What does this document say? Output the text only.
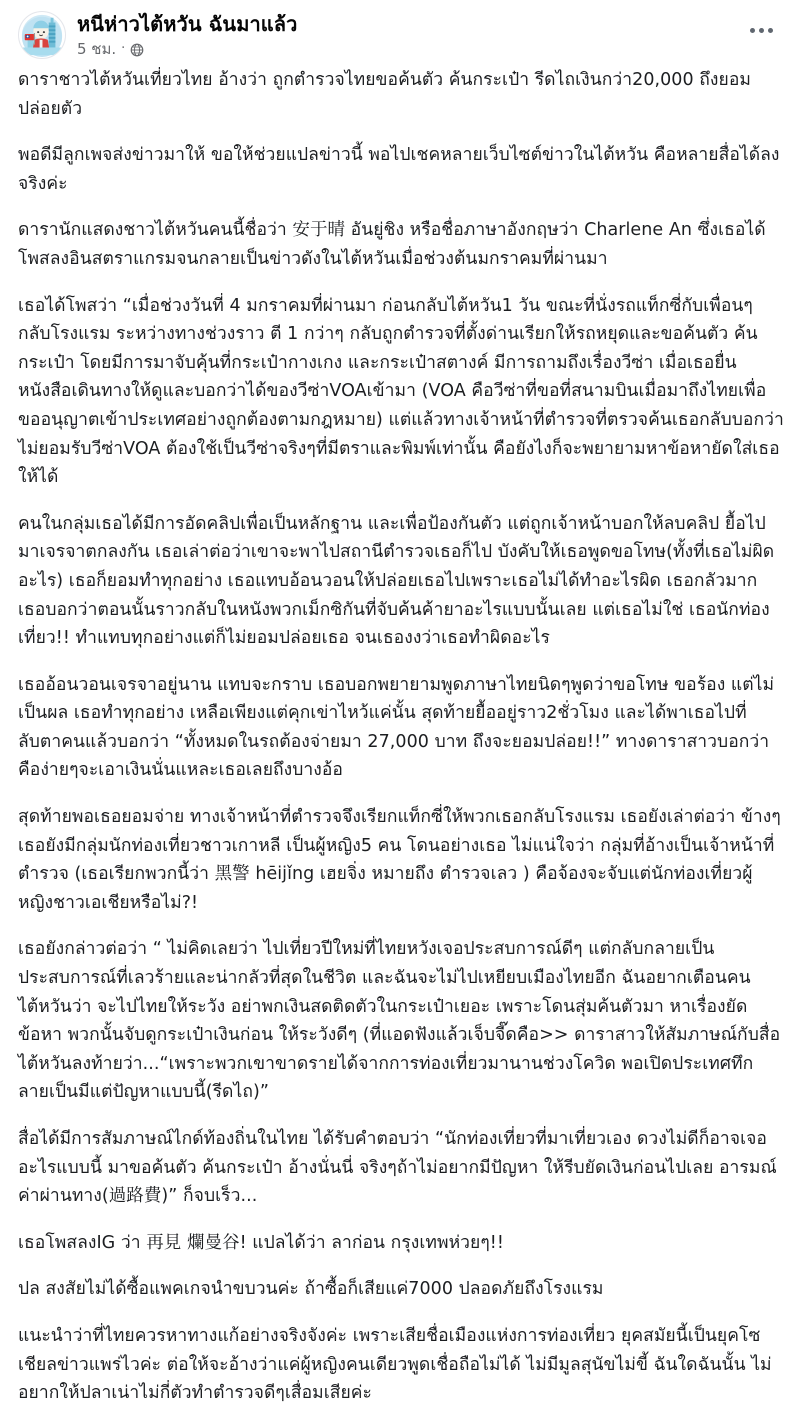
หนีห่าวไต้หวัน ฉันมาแล้ว
5 ชม. ·

ดาราชาวไต้หวันเที่ยวไทย อ้างว่า ถูกตำรวจไทยขอค้นตัว ค้นกระเป๋า รีดไถเงินกว่า20,000 ถึงยอมปล่อยตัว

พอดีมีลูกเพจส่งข่าวมาให้ ขอให้ช่วยแปลข่าวนี้ พอไปเชคหลายเว็บไซต์ข่าวในไต้หวัน คือหลายสื่อได้ลงจริงค่ะ

ดารานักแสดงชาวไต้หวันคนนี้ชื่อว่า 安于晴 อันยู่ชิง หรือชื่อภาษาอังกฤษว่า Charlene An ซึ่งเธอได้โพสลงอินสตราแกรมจนกลายเป็นข่าวดังในไต้หวันเมื่อช่วงต้นมกราคมที่ผ่านมา

เธอได้โพสว่า “เมื่อช่วงวันที่ 4 มกราคมที่ผ่านมา ก่อนกลับไต้หวัน1 วัน ขณะที่นั่งรถแท็กซี่กับเพื่อนๆกลับโรงแรม ระหว่างทางช่วงราว ตี 1 กว่าๆ กลับถูกตำรวจที่ตั้งด่านเรียกให้รถหยุดและขอค้นตัว ค้นกระเป๋า โดยมีการมาจับคุ้นที่กระเป๋ากางเกง และกระเป๋าสตางค์ มีการถามถึงเรื่องวีซ่า เมื่อเธอยื่นหนังสือเดินทางให้ดูและบอกว่าได้ของวีซ่าVOAเข้ามา (VOA คือวีซ่าที่ขอที่สนามบินเมื่อมาถึงไทยเพื่อขออนุญาตเข้าประเทศอย่างถูกต้องตามกฎหมาย) แต่แล้วทางเจ้าหน้าที่ตำรวจที่ตรวจค้นเธอกลับบอกว่า ไม่ยอมรับวีซ่าVOA ต้องใช้เป็นวีซ่าจริงๆที่มีตราและพิมพ์เท่านั้น คือยังไงก็จะพยายามหาข้อหายัดใส่เธอให้ได้

คนในกลุ่มเธอได้มีการอัดคลิปเพื่อเป็นหลักฐาน และเพื่อป้องกันตัว แต่ถูกเจ้าหน้าบอกให้ลบคลิป ยื้อไปมาเจรจาตกลงกัน เธอเล่าต่อว่าเขาจะพาไปสถานีตำรวจเธอก็ไป บังคับให้เธอพูดขอโทษ(ทั้งที่เธอไม่ผิดอะไร) เธอก็ยอมทำทุกอย่าง เธอแทบอ้อนวอนให้ปล่อยเธอไปเพราะเธอไม่ได้ทำอะไรผิด เธอกลัวมาก เธอบอกว่าตอนนั้นราวกลับในหนังพวกเม็กซิกันที่จับค้นค้ายาอะไรแบบนั้นเลย แต่เธอไม่ใช่ เธอนักท่องเที่ยว!! ทำแทบทุกอย่างแต่ก็ไม่ยอมปล่อยเธอ จนเธองงว่าเธอทำผิดอะไร

เธออ้อนวอนเจรจาอยู่นาน แทบจะกราบ เธอบอกพยายามพูดภาษาไทยนิดๆพูดว่าขอโทษ ขอร้อง แต่ไม่เป็นผล เธอทำทุกอย่าง เหลือเพียงแต่คุกเข่าไหว้แค่นั้น สุดท้ายยื้ออยู่ราว2ชั่วโมง และได้พาเธอไปที่ลับตาคนแล้วบอกว่า “ทั้งหมดในรถต้องจ่ายมา 27,000 บาท ถึงจะยอมปล่อย!!” ทางดาราสาวบอกว่า คือง่ายๆจะเอาเงินนั่นแหละเธอเลยถึงบางอ้อ

สุดท้ายพอเธอยอมจ่าย ทางเจ้าหน้าที่ตำรวจจึงเรียกแท็กซี่ให้พวกเธอกลับโรงแรม เธอยังเล่าต่อว่า ข้างๆเธอยังมีกลุ่มนักท่องเที่ยวชาวเกาหลี เป็นผู้หญิง5 คน โดนอย่างเธอ ไม่แน่ใจว่า กลุ่มที่อ้างเป็นเจ้าหน้าที่ตำรวจ (เธอเรียกพวกนี้ว่า 黑警 hēijǐng เฮยจิ่ง หมายถึง ตำรวจเลว ) คือจ้องจะจับแต่นักท่องเที่ยวผู้หญิงชาวเอเชียหรือไม่?!

เธอยังกล่าวต่อว่า “ ไม่คิดเลยว่า ไปเที่ยวปีใหม่ที่ไทยหวังเจอประสบการณ์ดีๆ แต่กลับกลายเป็นประสบการณ์ที่เลวร้ายและน่ากลัวที่สุดในชีวิต และฉันจะไม่ไปเหยียบเมืองไทยอีก ฉันอยากเตือนคนไต้หวันว่า จะไปไทยให้ระวัง อย่าพกเงินสดติดตัวในกระเป๋าเยอะ เพราะโดนสุ่มค้นตัวมา หาเรื่องยัดข้อหา พวกนั้นจับดูกระเป๋าเงินก่อน ให้ระวังดีๆ (ที่แอดฟังแล้วเจ็บจี๊ดคือ>> ดาราสาวให้สัมภาษณ์กับสื่อไต้หวันลงท้ายว่า...“เพราะพวกเขาขาดรายได้จากการท่องเที่ยวมานานช่วงโควิด พอเปิดประเทศทึกลายเป็นมีแต่ปัญหาแบบนี้(รีดไถ)”

สื่อได้มีการสัมภาษณ์ไกด์ท้องถิ่นในไทย ได้รับคำตอบว่า “นักท่องเที่ยวที่มาเที่ยวเอง ดวงไม่ดีก็อาจเจออะไรแบบนี้ มาขอค้นตัว ค้นกระเป๋า อ้างนั่นนี่ จริงๆถ้าไม่อยากมีปัญหา ให้รีบยัดเงินก่อนไปเลย อารมณ์ค่าผ่านทาง(過路費)” ก็จบเร็ว...

เธอโพสลงIG ว่า 再見 爛曼谷! แปลได้ว่า ลาก่อน กรุงเทพห่วยๆ!!

ปล สงสัยไม่ได้ซื้อแพคเกจนำขบวนค่ะ ถ้าซื้อก็เสียแค่7000 ปลอดภัยถึงโรงแรม

แนะนำว่าที่ไทยควรหาทางแก้อย่างจริงจังค่ะ เพราะเสียชื่อเมืองแห่งการท่องเที่ยว ยุคสมัยนี้เป็นยุคโซเชียลข่าวแพร่ไวค่ะ ต่อให้จะอ้างว่าแค่ผู้หญิงคนเดียวพูดเชื่อถือไม่ได้ ไม่มีมูลสุนัขไม่ขี้ ฉันใดฉันนั้น ไม่อยากให้ปลาเน่าไม่กี่ตัวทำตำรวจดีๆเสื่อมเสียค่ะ
